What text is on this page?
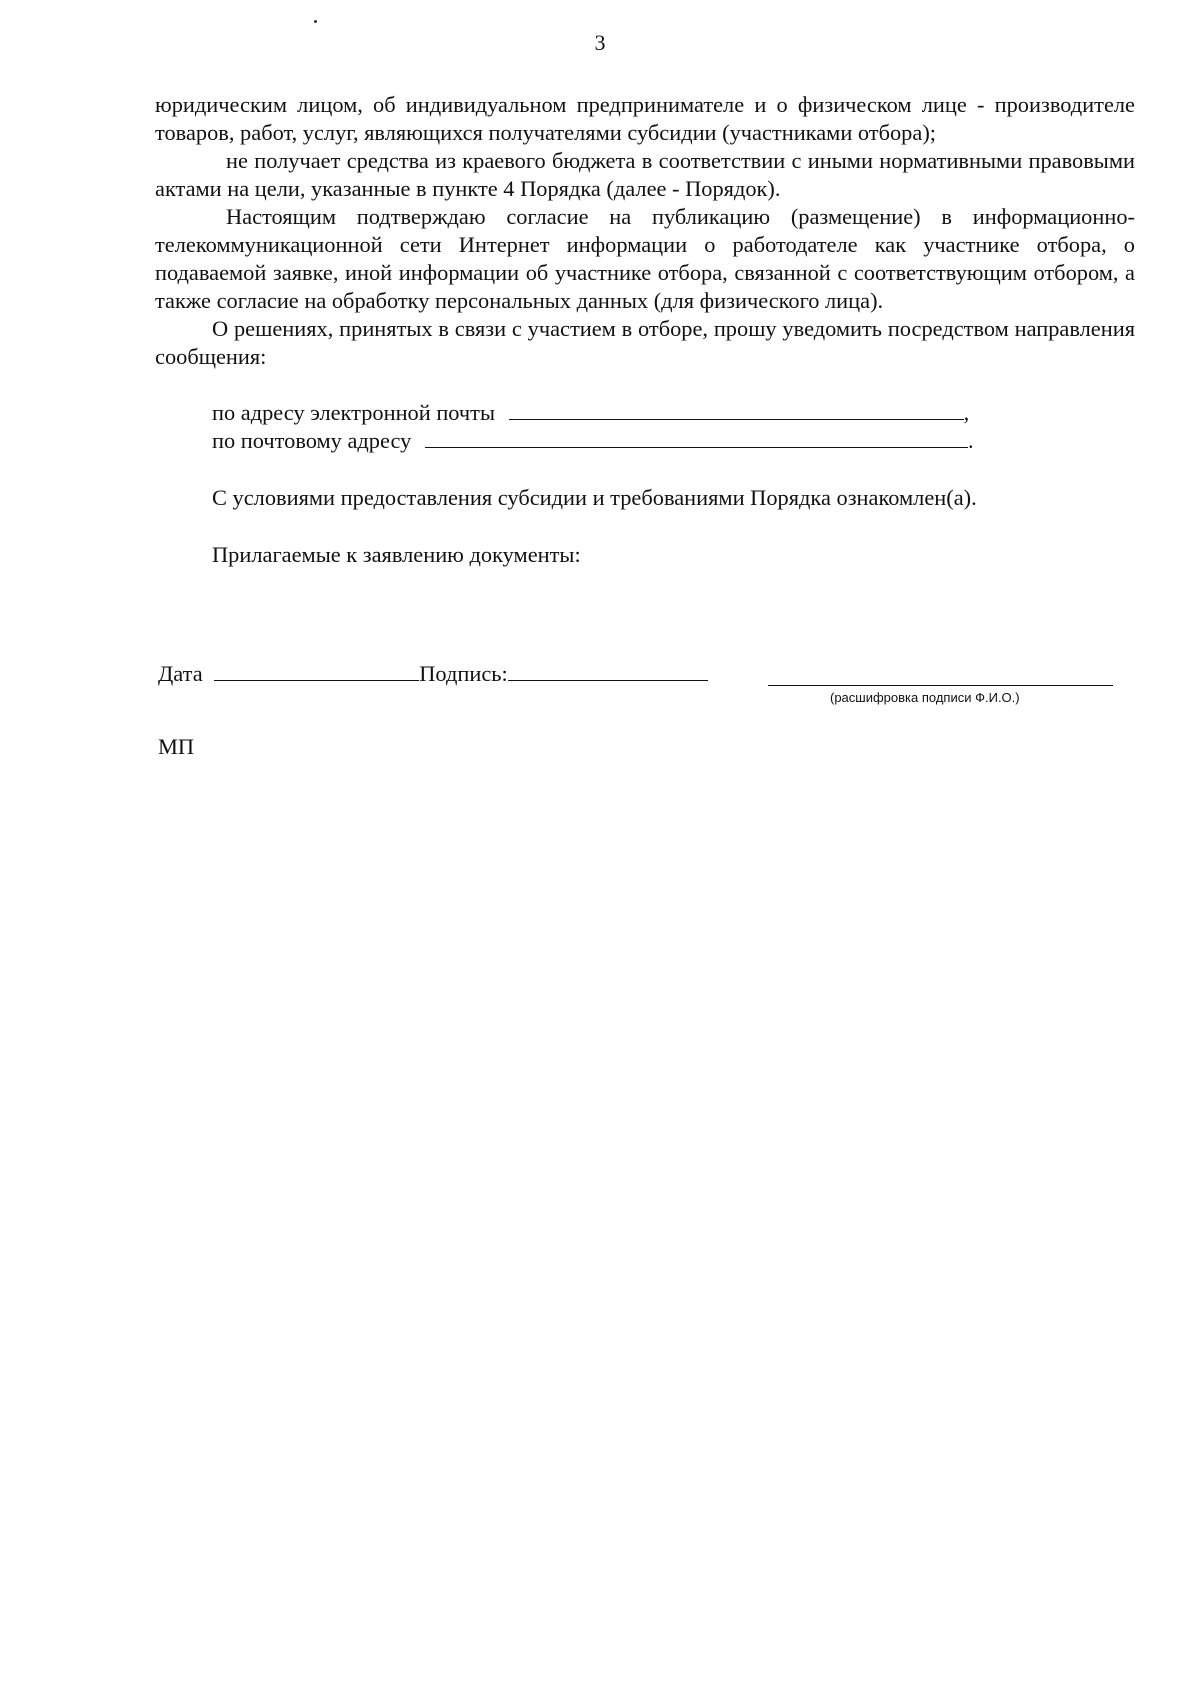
3

юридическим лицом, об индивидуальном предпринимателе и о физическом лице - производителе товаров, работ, услуг, являющихся получателями субсидии (участниками отбора);

не получает средства из краевого бюджета в соответствии с иными нормативными правовыми актами на цели, указанные в пункте 4 Порядка (далее - Порядок).

Настоящим подтверждаю согласие на публикацию (размещение) в информационно-телекоммуникационной сети Интернет информации о работодателе как участнике отбора, о подаваемой заявке, иной информации об участнике отбора, связанной с соответствующим отбором, а также согласие на обработку персональных данных (для физического лица).

О решениях, принятых в связи с участием в отборе, прошу уведомить посредством направления сообщения:

по адресу электронной почты	,
по почтовому адресу	.
С условиями предоставления субсидии и требованиями Порядка ознакомлен(а).
Прилагаемые к заявлению документы:
Дата	Подпись:
(расшифровка подписи Ф.И.О.)
МП
